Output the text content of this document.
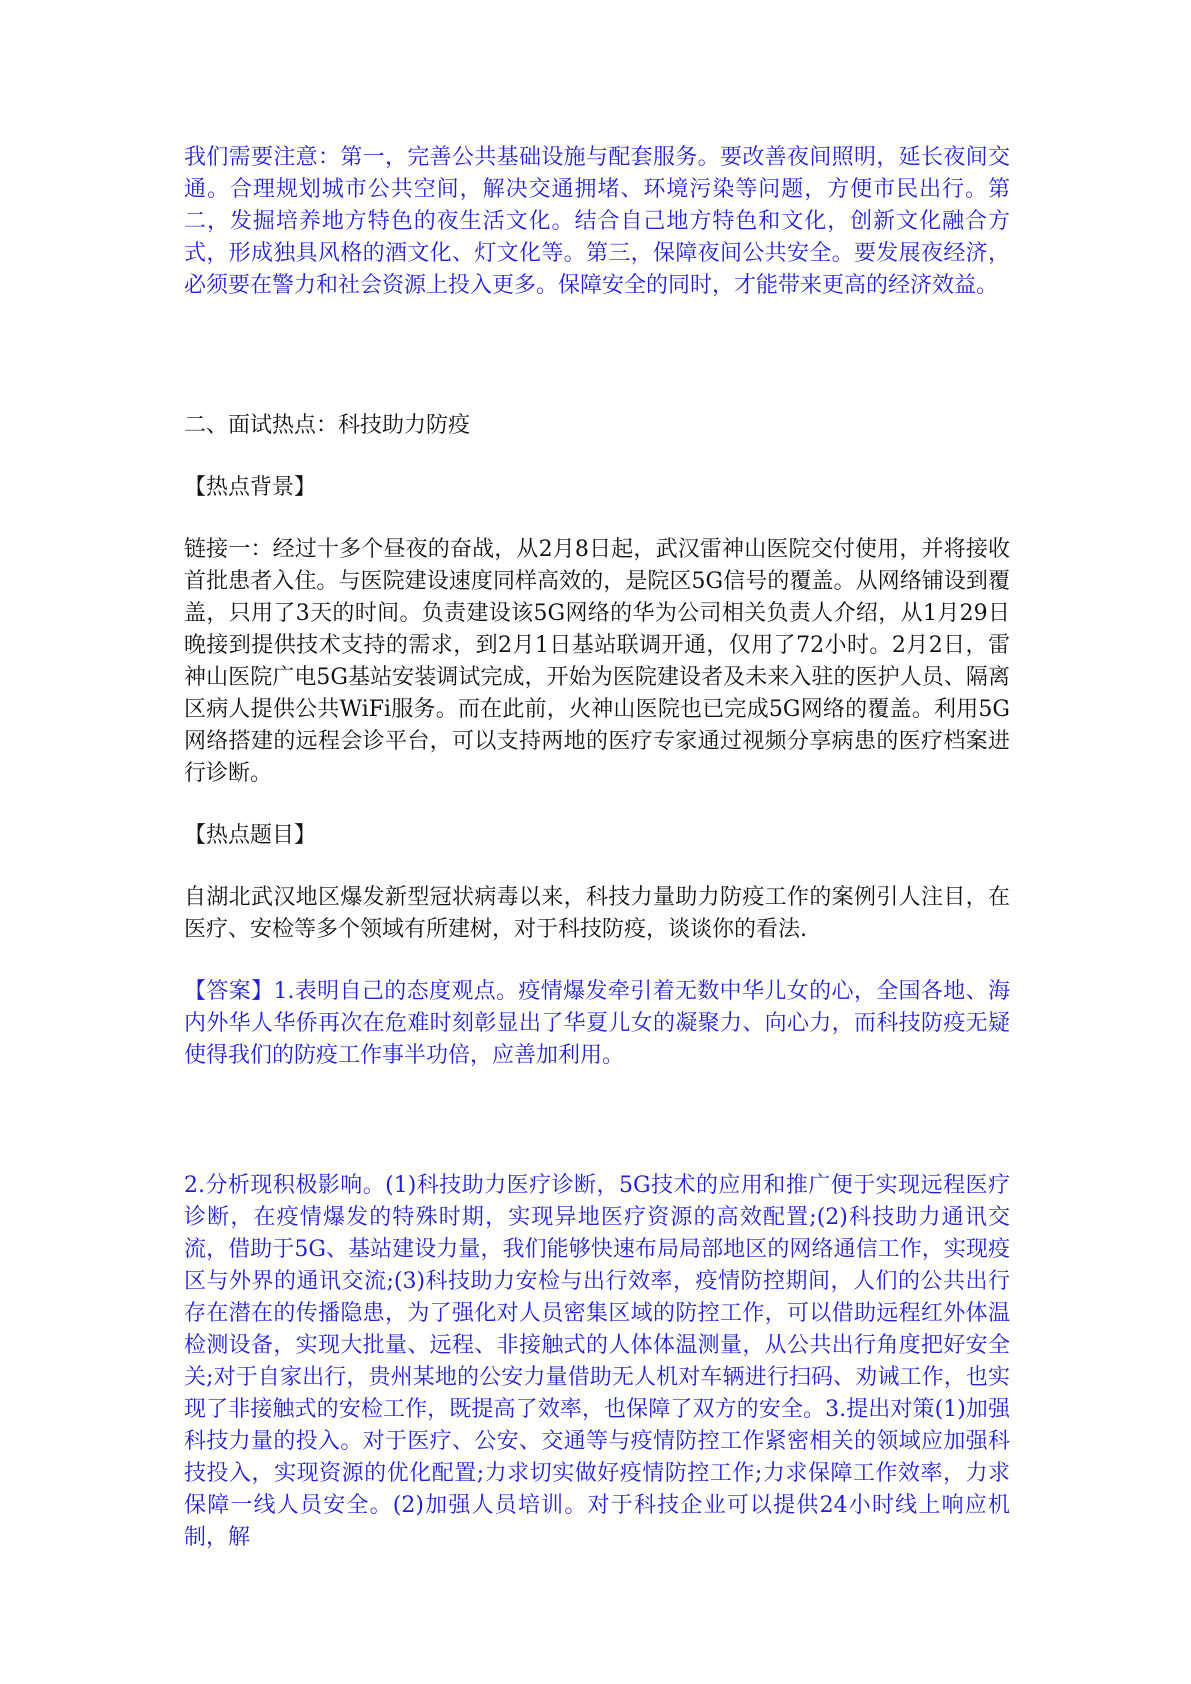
我们需要注意：第一，完善公共基础设施与配套服务。要改善夜间照明，延长夜间交通。合理规划城市公共空间，解决交通拥堵、环境污染等问题，方便市民出行。第二，发掘培养地方特色的夜生活文化。结合自己地方特色和文化，创新文化融合方式，形成独具风格的酒文化、灯文化等。第三，保障夜间公共安全。要发展夜经济，必须要在警力和社会资源上投入更多。保障安全的同时，才能带来更高的经济效益。

二、面试热点：科技助力防疫

【热点背景】

链接一：经过十多个昼夜的奋战，从2月8日起，武汉雷神山医院交付使用，并将接收首批患者入住。与医院建设速度同样高效的，是院区5G信号的覆盖。从网络铺设到覆盖，只用了3天的时间。负责建设该5G网络的华为公司相关负责人介绍，从1月29日晚接到提供技术支持的需求，到2月1日基站联调开通，仅用了72小时。2月2日，雷神山医院广电5G基站安装调试完成，开始为医院建设者及未来入驻的医护人员、隔离区病人提供公共WiFi服务。而在此前，火神山医院也已完成5G网络的覆盖。利用5G网络搭建的远程会诊平台，可以支持两地的医疗专家通过视频分享病患的医疗档案进行诊断。

【热点题目】

自湖北武汉地区爆发新型冠状病毒以来，科技力量助力防疫工作的案例引人注目，在医疗、安检等多个领域有所建树，对于科技防疫，谈谈你的看法.

【答案】1.表明自己的态度观点。疫情爆发牵引着无数中华儿女的心，全国各地、海内外华人华侨再次在危难时刻彰显出了华夏儿女的凝聚力、向心力，而科技防疫无疑使得我们的防疫工作事半功倍，应善加利用。

2.分析现积极影响。(1)科技助力医疗诊断，5G技术的应用和推广便于实现远程医疗诊断，在疫情爆发的特殊时期，实现异地医疗资源的高效配置;(2)科技助力通讯交流，借助于5G、基站建设力量，我们能够快速布局局部地区的网络通信工作，实现疫区与外界的通讯交流;(3)科技助力安检与出行效率，疫情防控期间，人们的公共出行存在潜在的传播隐患，为了强化对人员密集区域的防控工作，可以借助远程红外体温检测设备，实现大批量、远程、非接触式的人体体温测量，从公共出行角度把好安全关;对于自家出行，贵州某地的公安力量借助无人机对车辆进行扫码、劝诫工作，也实现了非接触式的安检工作，既提高了效率，也保障了双方的安全。3.提出对策(1)加强科技力量的投入。对于医疗、公安、交通等与疫情防控工作紧密相关的领域应加强科技投入，实现资源的优化配置;力求切实做好疫情防控工作;力求保障工作效率，力求保障一线人员安全。(2)加强人员培训。对于科技企业可以提供24小时线上响应机制，解
